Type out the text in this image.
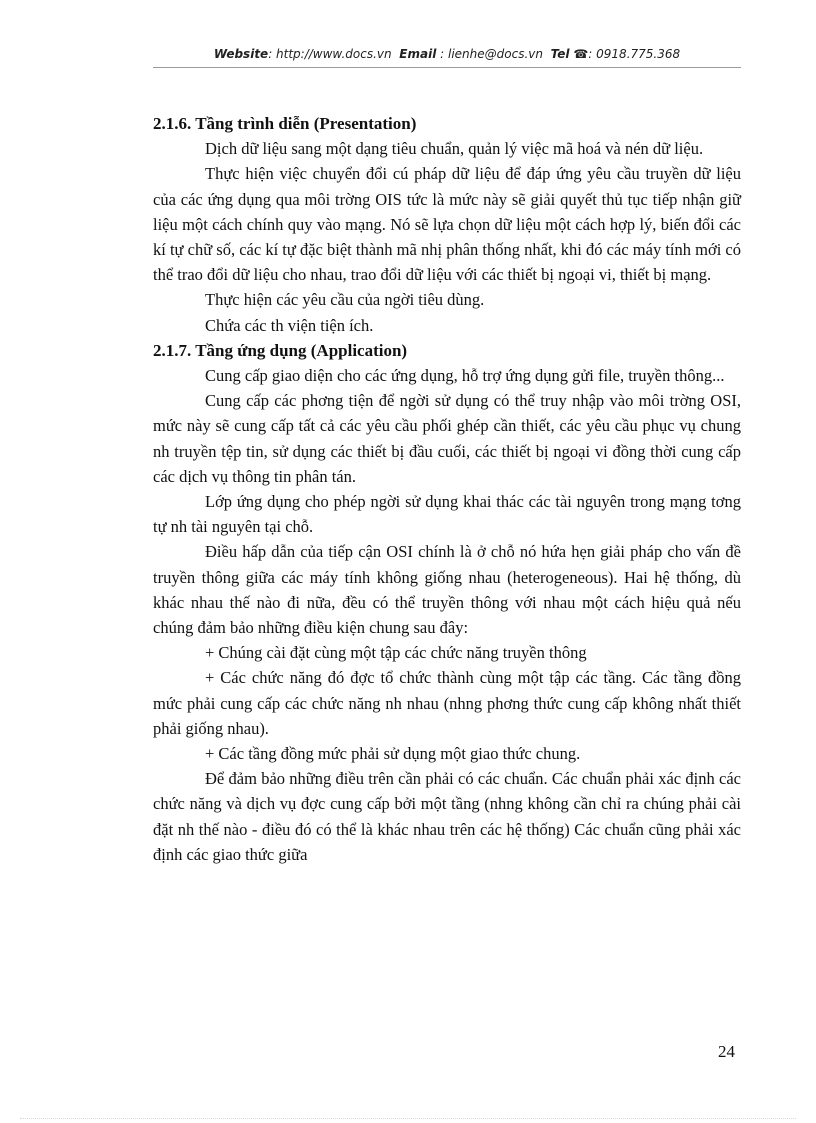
Website: http://www.docs.vn Email : lienhe@docs.vn Tel ☎: 0918.775.368
2.1.6. Tầng trình diễn (Presentation)

Dịch dữ liệu sang một dạng tiêu chuẩn, quản lý việc mã hoá và nén dữ liệu.

Thực hiện việc chuyển đổi cú pháp dữ liệu để đáp ứng yêu cầu truyền dữ liệu của các ứng dụng qua môi trờng OIS tức là mức này sẽ giải quyết thủ tục tiếp nhận giữ liệu một cách chính quy vào mạng. Nó sẽ lựa chọn dữ liệu một cách hợp lý, biến đổi các kí tự chữ số, các kí tự đặc biệt thành mã nhị phân thống nhất, khi đó các máy tính mới có thể trao đổi dữ liệu cho nhau, trao đổi dữ liệu với các thiết bị ngoại vi, thiết bị mạng.

Thực hiện các yêu cầu của ngời tiêu dùng.

Chứa các th viện tiện ích.

2.1.7. Tầng ứng dụng (Application)

Cung cấp giao diện cho các ứng dụng, hỗ trợ ứng dụng gửi file, truyền thông...

Cung cấp các phơng tiện để ngời sử dụng có thể truy nhập vào môi trờng OSI, mức này sẽ cung cấp tất cả các yêu cầu phối ghép cần thiết, các yêu cầu phục vụ chung nh truyền tệp tin, sử dụng các thiết bị đầu cuối, các thiết bị ngoại vi đồng thời cung cấp các dịch vụ thông tin phân tán.

Lớp ứng dụng cho phép ngời sử dụng khai thác các tài nguyên trong mạng tơng tự nh tài nguyên tại chỗ.

Điều hấp dẫn của tiếp cận OSI chính là ở chỗ nó hứa hẹn giải pháp cho vấn đề truyền thông giữa các máy tính không giống nhau (heterogeneous). Hai hệ thống, dù khác nhau thế nào đi nữa, đều có thể truyền thông với nhau một cách hiệu quả nếu chúng đảm bảo những điều kiện chung sau đây:

+ Chúng cài đặt cùng một tập các chức năng truyền thông

+ Các chức năng đó đợc tổ chức thành cùng một tập các tầng. Các tầng đồng mức phải cung cấp các chức năng nh nhau (nhng phơng thức cung cấp không nhất thiết phải giống nhau).

+ Các tầng đồng mức phải sử dụng một giao thức chung.

Để đảm bảo những điều trên cần phải có các chuẩn. Các chuẩn phải xác định các chức năng và dịch vụ đợc cung cấp bởi một tầng (nhng không cần chỉ ra chúng phải cài đặt nh thế nào - điều đó có thể là khác nhau trên các hệ thống) Các chuẩn cũng phải xác định các giao thức giữa

24
